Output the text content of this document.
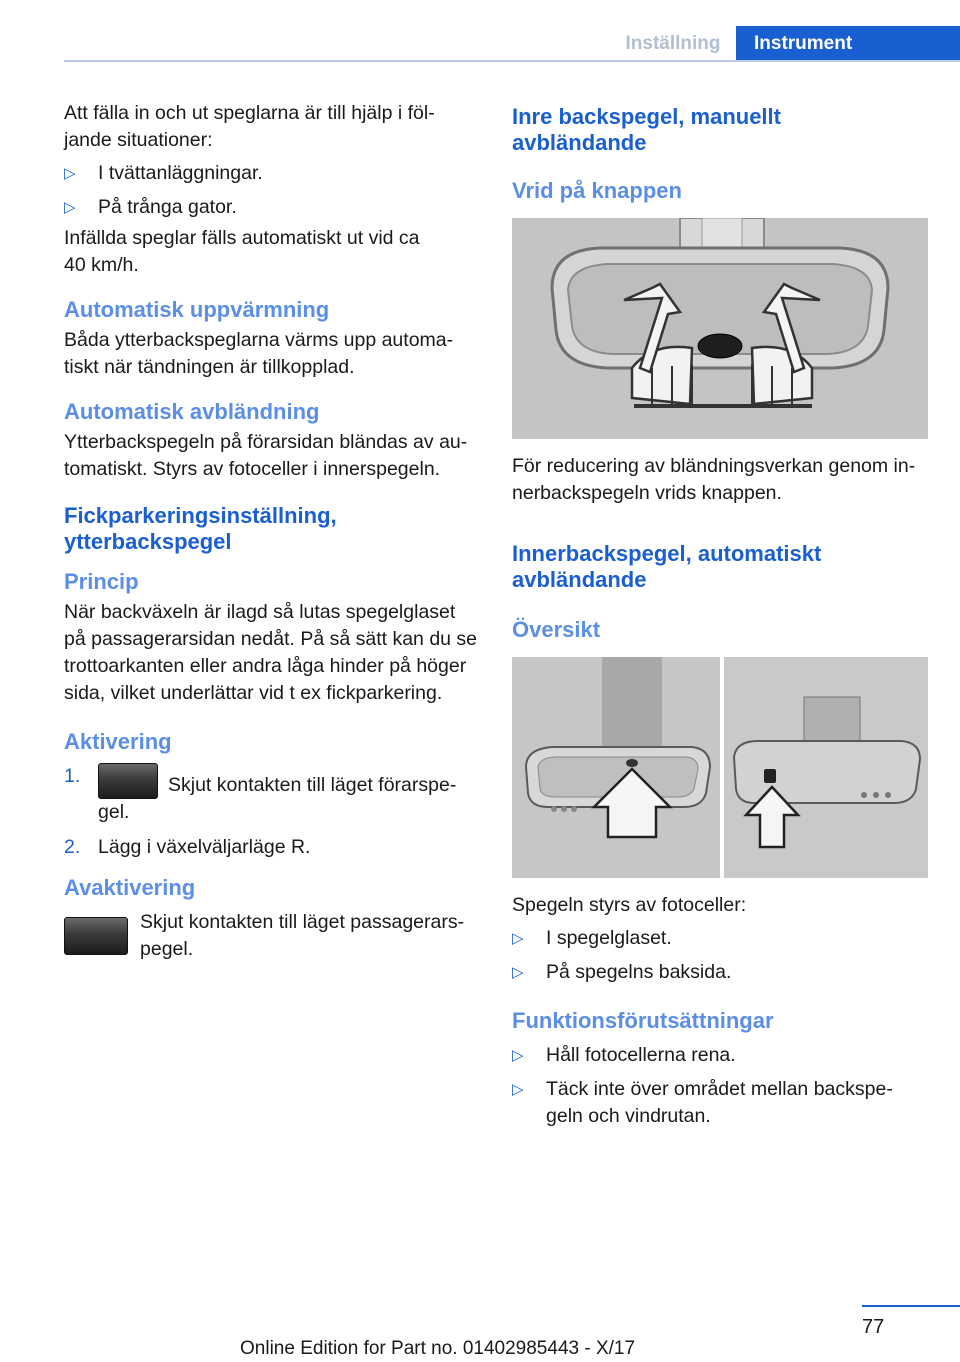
Inställning	Instrument

Att fälla in och ut speglarna är till hjälp i föl-jande situationer:

▷ I tvättanläggningar.
▷ På trånga gator.

Infällda speglar fälls automatiskt ut vid ca 40 km/h.

Automatisk uppvärmning

Båda ytterbackspeglarna värms upp automa-tiskt när tändningen är tillkopplad.

Automatisk avbländning

Ytterbackspegeln på förarsidan bländas av au-tomatiskt. Styrs av fotoceller i innerspegeln.

Fickparkeringsinställning, ytterbackspegel
Princip

När backväxeln är ilagd så lutas spegelglaset på passagerarsidan nedåt. På så sätt kan du se trottoarkanten eller andra låga hinder på höger sida, vilket underlättar vid t ex fickparkering.

Aktivering
1.	Skjut kontakten till läget förarspe-gel.
2. Lägg i växelväljarläge R.
Avaktivering

Skjut kontakten till läget passagerars-pegel.

Inre backspegel, manuellt avbländande
Vrid på knappen

För reducering av bländningsverkan genom in-nerbackspegeln vrids knappen.

Innerbackspegel, automatiskt avbländande
Översikt

Spegeln styrs av fotoceller:

▷ I spegelglaset.
▷ På spegelns baksida.
Funktionsförutsättningar
▷ Håll fotocellerna rena.
▷ Täck inte över området mellan backspe-geln och vindrutan.
77
Online Edition for Part no. 01402985443 - X/17
